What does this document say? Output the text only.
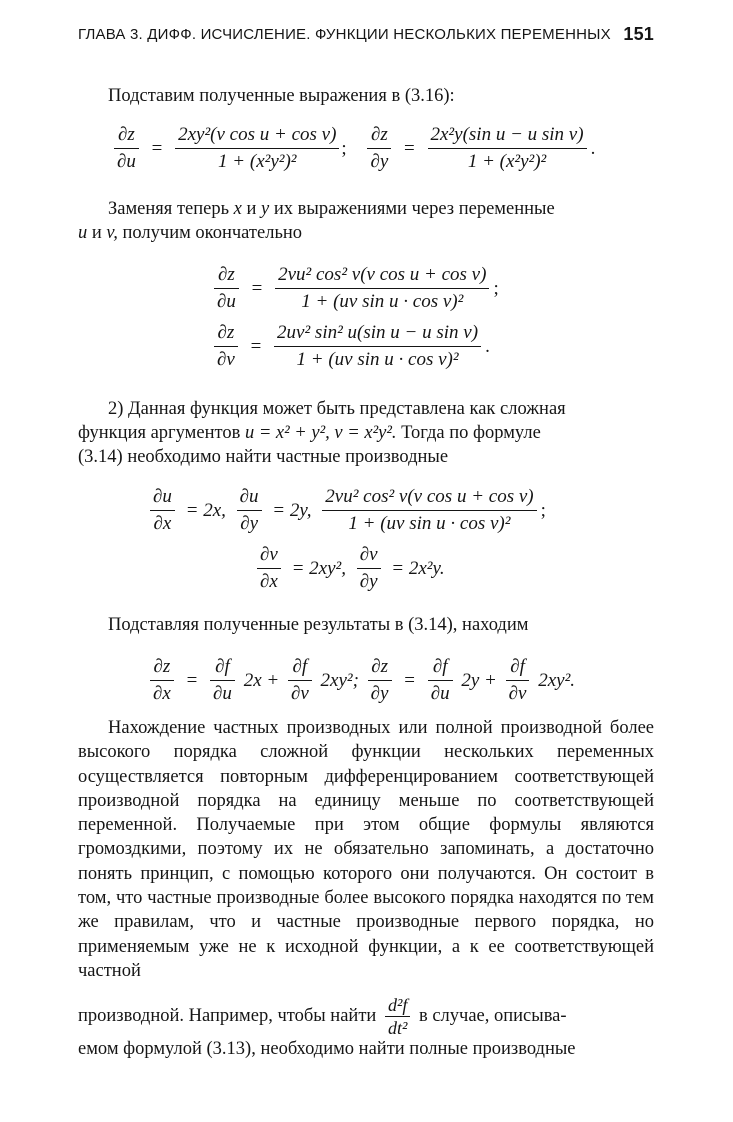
ГЛАВА 3. ДИФФ. ИСЧИСЛЕНИЕ. ФУНКЦИИ НЕСКОЛЬКИХ ПЕРЕМЕННЫХ 151
Подставим полученные выражения в (3.16):
$\frac{\partial z}{\partial u} = \frac{\text{2xy²(v cos u + cos v)}}{\text{1 + (x²y²)²}}$ ; $\frac{\partial z}{\partial y} = \frac{\text{2x²y(sin u − u sin v)}}{\text{1 + (x²y²)²}}$ .
Заменяя теперь x и y их выражениями через переменные
u и v, получим окончательно
$\frac{\partial z}{\partial u} = \frac{\text{2vu² cos² v(v cos u + cos v)}}{\text{1 + (uv sin u · cos v)²}}$ ;
$\frac{\partial z}{\partial v} = \frac{\text{2uv² sin² u(sin u − u sin v)}}{\text{1 + (uv sin u · cos v)²}}$ .
2) Данная функция может быть представлена как сложная
функция аргументов u = x² + y², v = x²y². Тогда по формуле
(3.14) необходимо найти частные производные
$\frac{\partial u}{\partial x} = 2x$, $\frac{\partial u}{\partial y} = 2y$, $\frac{\text{2vu² cos² v(v cos u + cos v)}}{\text{1 + (uv sin u · cos v)²}}$ ;
$\frac{\partial v}{\partial x} = 2xy^2$, $\frac{\partial v}{\partial y} = 2x^2y$.
Подставляя полученные результаты в (3.14), находим
$\frac{\partial z}{\partial x} = \frac{\partial f}{\partial u} 2x + \frac{\partial f}{\partial v} 2xy^2$; $\frac{\partial z}{\partial y} = \frac{\partial f}{\partial u} 2y + \frac{\partial f}{\partial v} 2xy^2$.
Нахождение частных производных или полной производной более высокого порядка сложной функции нескольких переменных осуществляется повторным дифференцированием соответствующей производной порядка на единицу меньше по соответствующей переменной. Получаемые при этом общие формулы являются громоздкими, поэтому их не обязательно запоминать, а достаточно понять принцип, с помощью которого они получаются. Он состоит в том, что частные производные более высокого порядка находятся по тем же правилам, что и частные производные первого порядка, но применяемым уже не к исходной функции, а к ее соответствующей частной
производной. Например, чтобы найти $\frac{\text{d²f}}{\text{dt²}}$ в случае, описыва-
емом формулой (3.13), необходимо найти полные производные
